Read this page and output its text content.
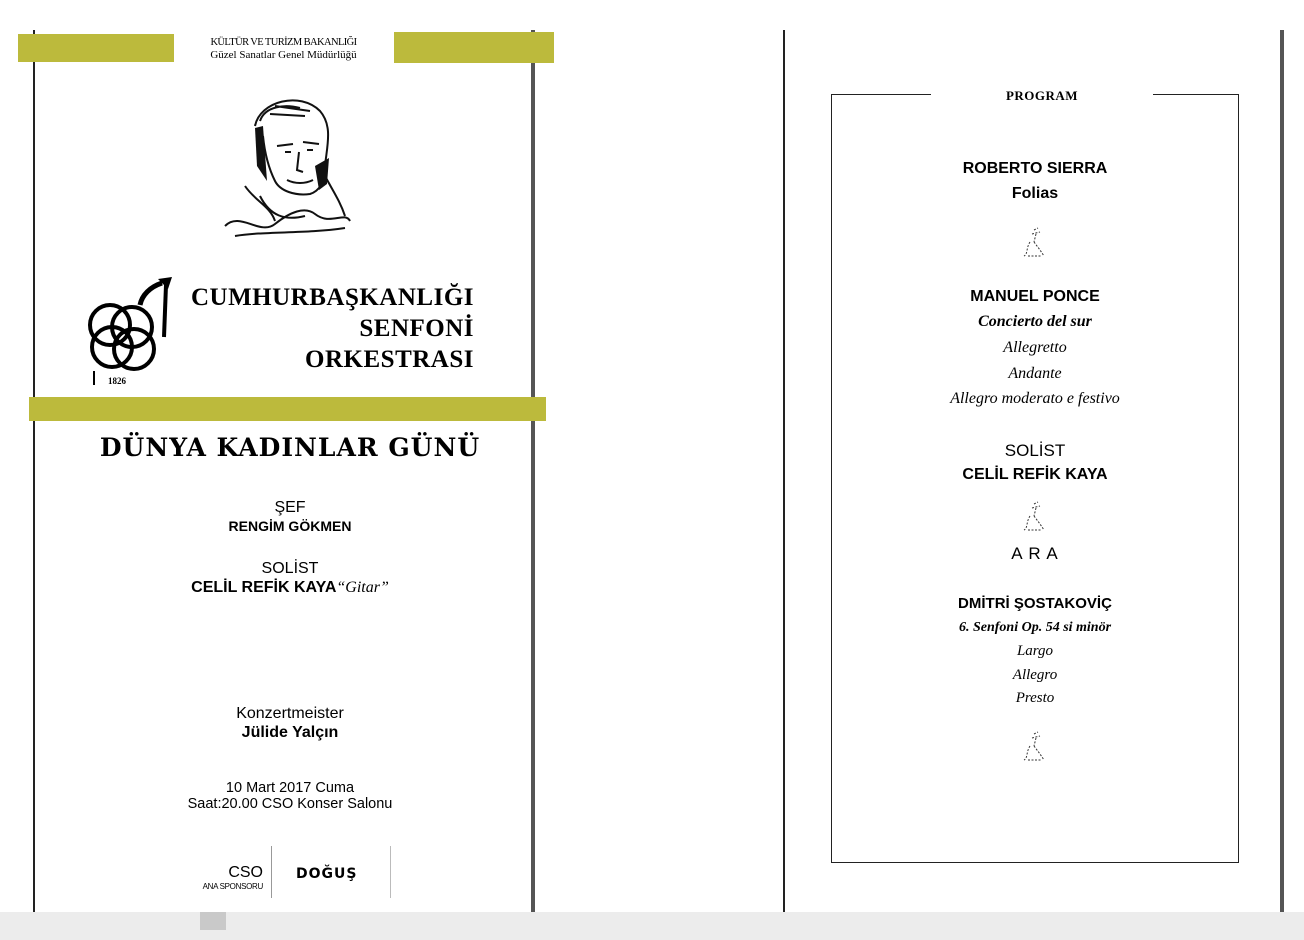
KÜLTÜR VE TURİZM BAKANLIĞI
Güzel Sanatlar Genel Müdürlüğü
1826
CUMHURBAŞKANLIĞI
SENFONİ
ORKESTRASI
DÜNYA KADINLAR GÜNÜ
ŞEF
RENGİM GÖKMEN
SOLİST
CELİL REFİK KAYA“Gitar”
Konzertmeister
Jülide Yalçın
10 Mart 2017 Cuma
Saat:20.00 CSO Konser Salonu
CSO
ANA SPONSORU
DOĞUŞ
PROGRAM
ROBERTO SIERRA
Folias
MANUEL PONCE
Concierto del sur
Allegretto
Andante
Allegro moderato e festivo
SOLİST
CELİL REFİK KAYA
A R A
DMİTRİ ŞOSTAKOVİÇ
6. Senfoni Op. 54 si minör
Largo
Allegro
Presto
